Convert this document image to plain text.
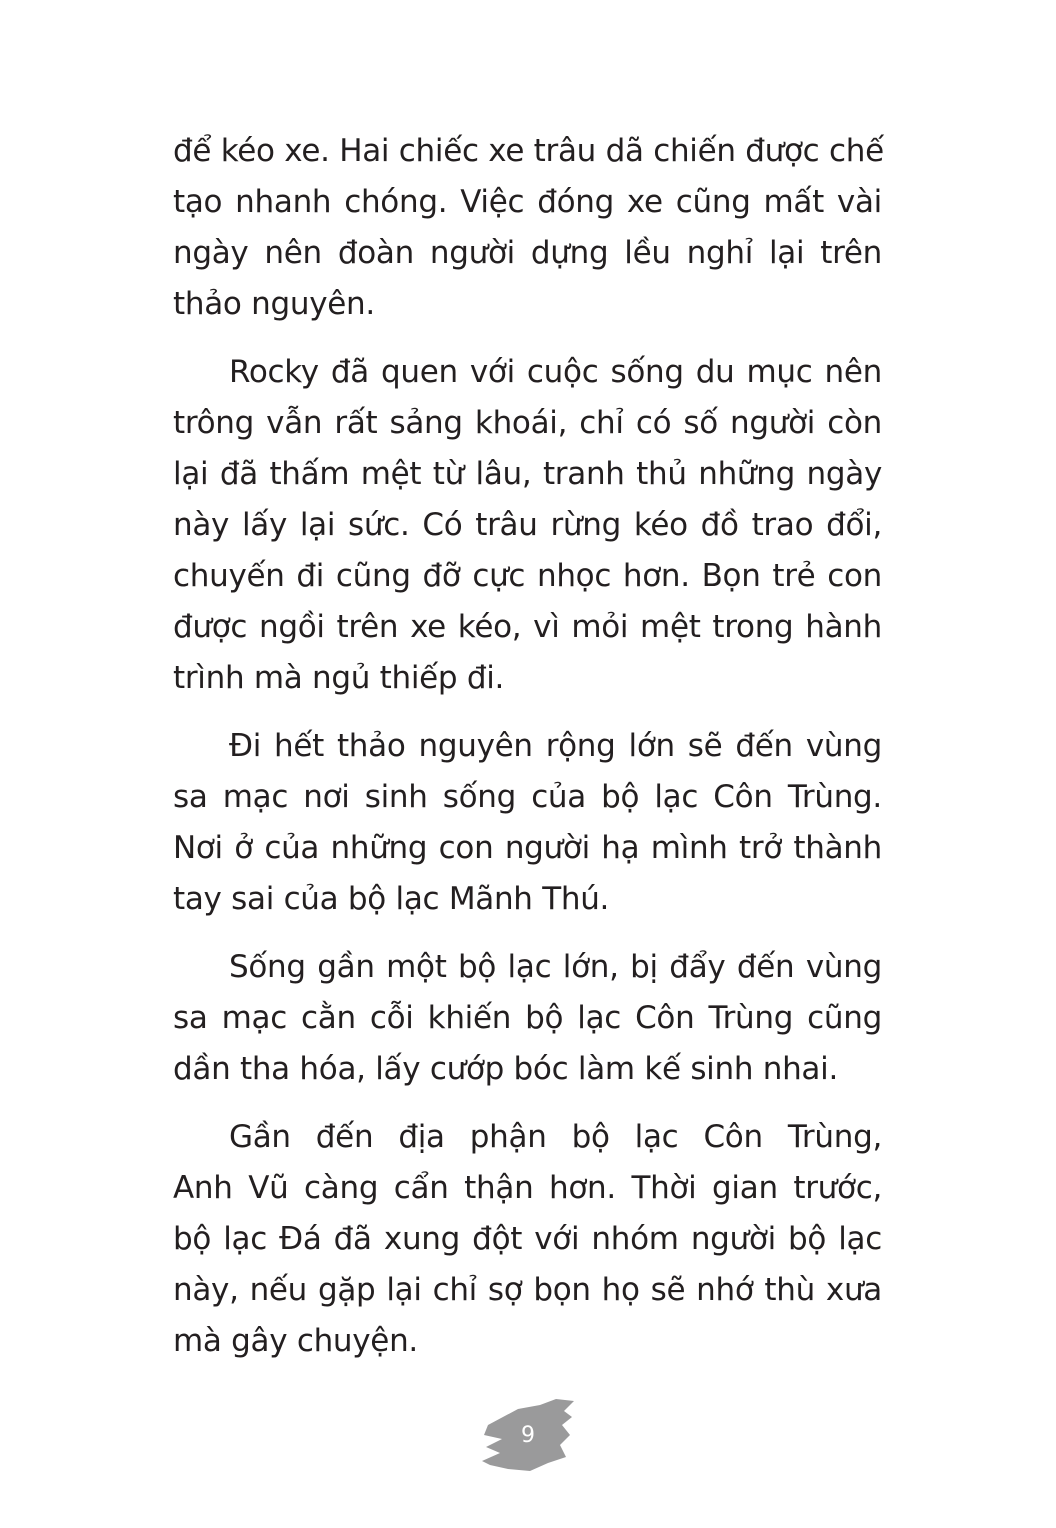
để kéo xe. Hai chiếc xe trâu dã chiến được chế
tạo nhanh chóng. Việc đóng xe cũng mất vài
ngày nên đoàn người dựng lều nghỉ lại trên
thảo nguyên.
Rocky đã quen với cuộc sống du mục nên
trông vẫn rất sảng khoái, chỉ có số người còn
lại đã thấm mệt từ lâu, tranh thủ những ngày
này lấy lại sức. Có trâu rừng kéo đồ trao đổi,
chuyến đi cũng đỡ cực nhọc hơn. Bọn trẻ con
được ngồi trên xe kéo, vì mỏi mệt trong hành
trình mà ngủ thiếp đi.
Đi hết thảo nguyên rộng lớn sẽ đến vùng
sa mạc nơi sinh sống của bộ lạc Côn Trùng.
Nơi ở của những con người hạ mình trở thành
tay sai của bộ lạc Mãnh Thú.
Sống gần một bộ lạc lớn, bị đẩy đến vùng
sa mạc cằn cỗi khiến bộ lạc Côn Trùng cũng
dần tha hóa, lấy cướp bóc làm kế sinh nhai.
Gần đến địa phận bộ lạc Côn Trùng,
Anh Vũ càng cẩn thận hơn. Thời gian trước,
bộ lạc Đá đã xung đột với nhóm người bộ lạc
này, nếu gặp lại chỉ sợ bọn họ sẽ nhớ thù xưa
mà gây chuyện.
9
